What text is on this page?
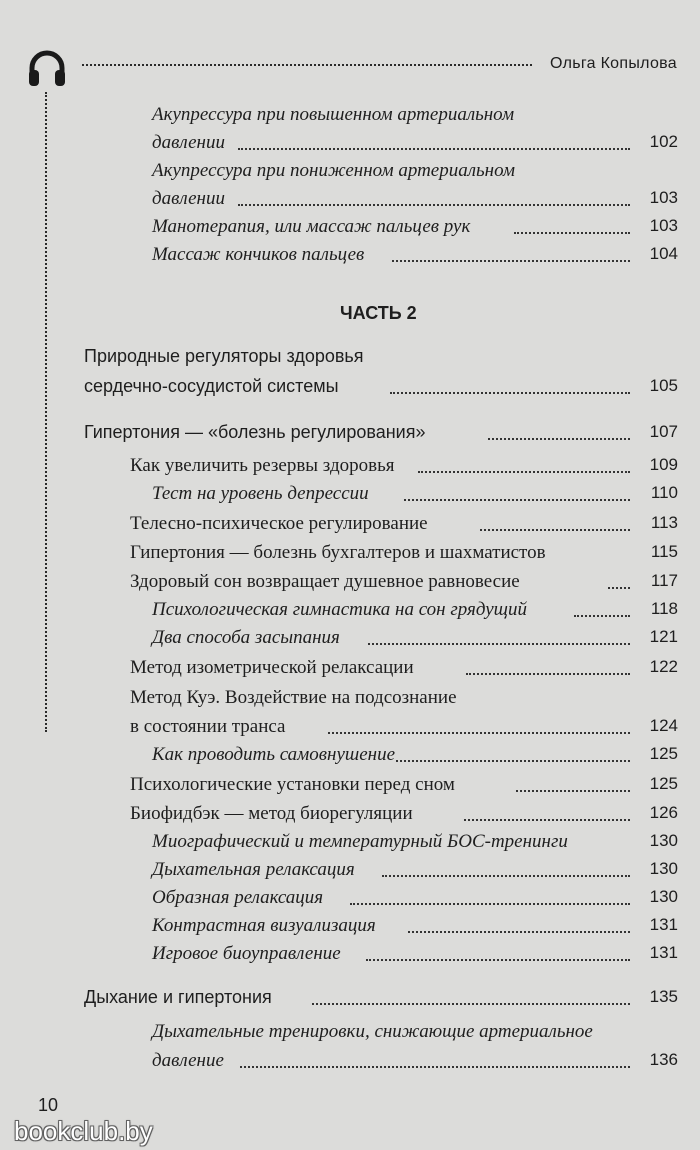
Ольга Копылова
Акупрессура при повышенном артериальном
давлении	102
Акупрессура при пониженном артериальном
давлении	103
Манотерапия, или массаж пальцев рук	103
Массаж кончиков пальцев	104
ЧАСТЬ 2
Природные регуляторы здоровья
сердечно-сосудистой системы	105
Гипертония — «болезнь регулирования»	107
Как увеличить резервы здоровья	109
Тест на уровень депрессии	110
Телесно-психическое регулирование	113
Гипертония — болезнь бухгалтеров и шахматистов	115
Здоровый сон возвращает душевное равновесие	117
Психологическая гимнастика на сон грядущий	118
Два способа засыпания	121
Метод изометрической релаксации	122
Метод Куэ. Воздействие на подсознание
в состоянии транса	124
Как проводить самовнушение	125
Психологические установки перед сном	125
Биофидбэк — метод биорегуляции	126
Миографический и температурный БОС-тренинги	130
Дыхательная релаксация	130
Образная релаксация	130
Контрастная визуализация	131
Игровое биоуправление	131
Дыхание и гипертония	135
Дыхательные тренировки, снижающие артериальное
давление	136
10
bookclub.by
